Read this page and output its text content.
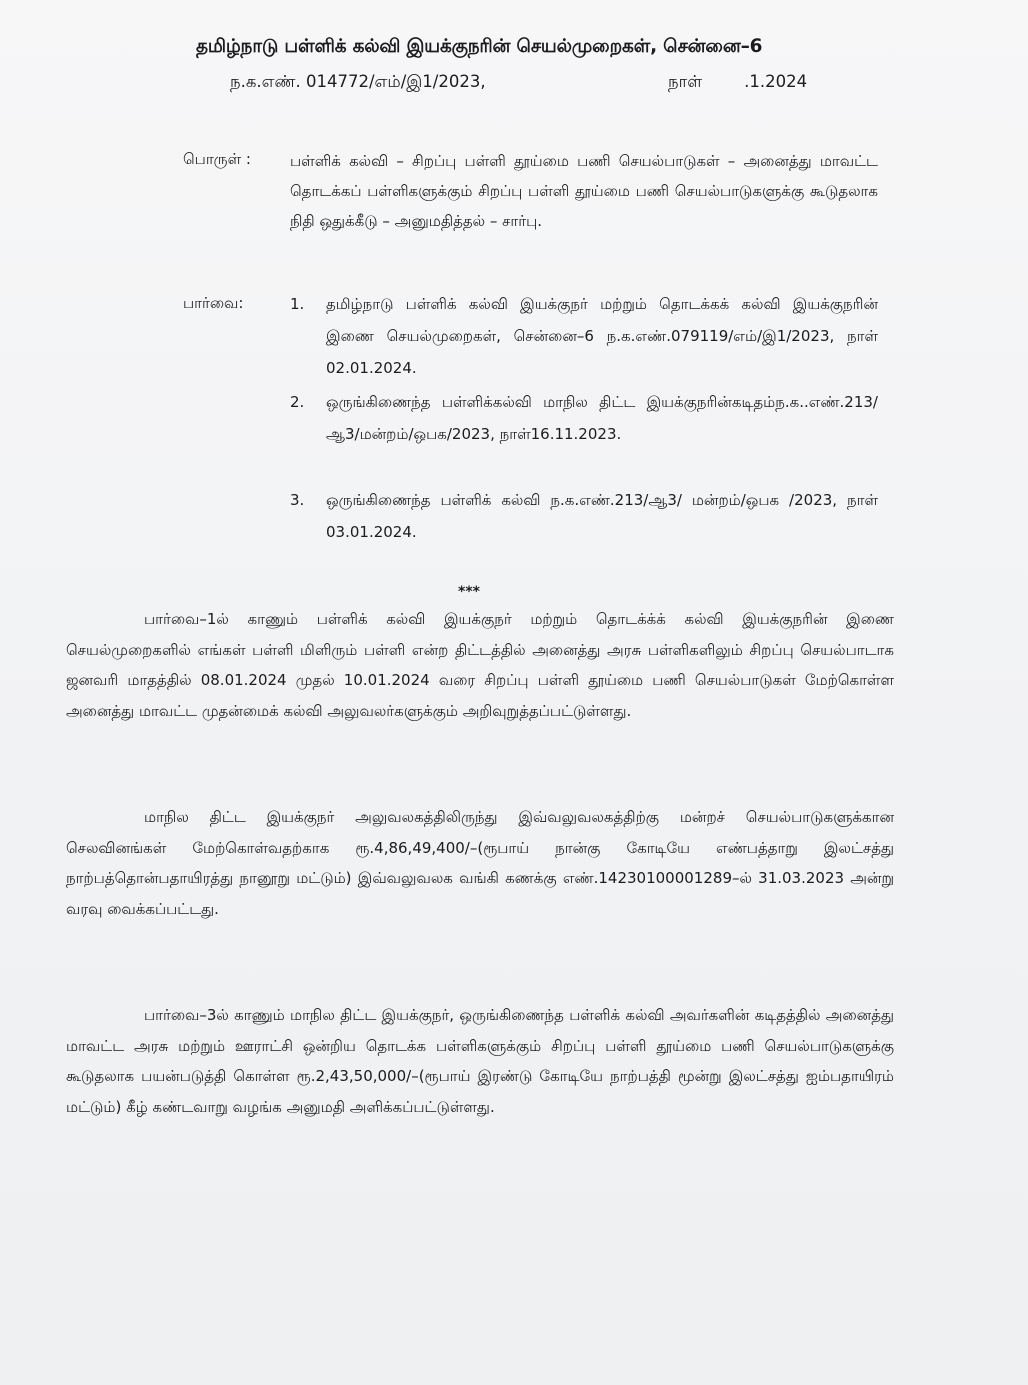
தமிழ்நாடு பள்ளிக் கல்வி இயக்குநரின் செயல்முறைகள், சென்னை–6
ந.க.எண். 014772/எம்/இ1/2023,	நாள்	.1.2024
பொருள் :	பள்ளிக் கல்வி – சிறப்பு பள்ளி தூய்மை பணி செயல்பாடுகள் – அனைத்து மாவட்ட தொடக்கப் பள்ளிகளுக்கும் சிறப்பு பள்ளி தூய்மை பணி செயல்பாடுகளுக்கு கூடுதலாக நிதி ஒதுக்கீடு – அனுமதித்தல் – சார்பு.
பார்வை:	1. தமிழ்நாடு பள்ளிக் கல்வி இயக்குநர் மற்றும் தொடக்கக் கல்வி இயக்குநரின் இணை செயல்முறைகள், சென்னை–6 ந.க.எண்.079119/எம்/இ1/2023, நாள் 02.01.2024.
2. ஒருங்கிணைந்த பள்ளிக்கல்வி மாநில திட்ட இயக்குநரின்கடிதம்ந.க..எண்.213/ஆ3/மன்றம்/ஒபக/2023, நாள்16.11.2023.
3. ஒருங்கிணைந்த பள்ளிக் கல்வி ந.க.எண்.213/ஆ3/ மன்றம்/ஒபக /2023, நாள் 03.01.2024.
***

பார்வை–1ல் காணும் பள்ளிக் கல்வி இயக்குநர் மற்றும் தொடக்க்க் கல்வி இயக்குநரின் இணை செயல்முறைகளில் எங்கள் பள்ளி மிளிரும் பள்ளி என்ற திட்டத்தில் அனைத்து அரசு பள்ளிகளிலும் சிறப்பு செயல்பாடாக ஜனவரி மாதத்தில் 08.01.2024 முதல் 10.01.2024 வரை சிறப்பு பள்ளி தூய்மை பணி செயல்பாடுகள் மேற்கொள்ள அனைத்து மாவட்ட முதன்மைக் கல்வி அலுவலர்களுக்கும் அறிவுறுத்தப்பட்டுள்ளது.

மாநில திட்ட இயக்குநர் அலுவலகத்திலிருந்து இவ்வலுவலகத்திற்கு மன்றச் செயல்பாடுகளுக்கான செலவினங்கள் மேற்கொள்வதற்காக ரூ.4,86,49,400/–(ரூபாய் நான்கு கோடியே எண்பத்தாறு இலட்சத்து நாற்பத்தொன்பதாயிரத்து நானூறு மட்டும்) இவ்வலுவலக வங்கி கணக்கு எண்.14230100001289–ல் 31.03.2023 அன்று வரவு வைக்கப்பட்டது.

பார்வை–3ல் காணும் மாநில திட்ட இயக்குநர், ஒருங்கிணைந்த பள்ளிக் கல்வி அவர்களின் கடிதத்தில் அனைத்து மாவட்ட அரசு மற்றும் ஊராட்சி ஒன்றிய தொடக்க பள்ளிகளுக்கும் சிறப்பு பள்ளி தூய்மை பணி செயல்பாடுகளுக்கு கூடுதலாக பயன்படுத்தி கொள்ள ரூ.2,43,50,000/–(ரூபாய் இரண்டு கோடியே நாற்பத்தி மூன்று இலட்சத்து ஐம்பதாயிரம் மட்டும்) கீழ் கண்டவாறு வழங்க அனுமதி அளிக்கப்பட்டுள்ளது.
